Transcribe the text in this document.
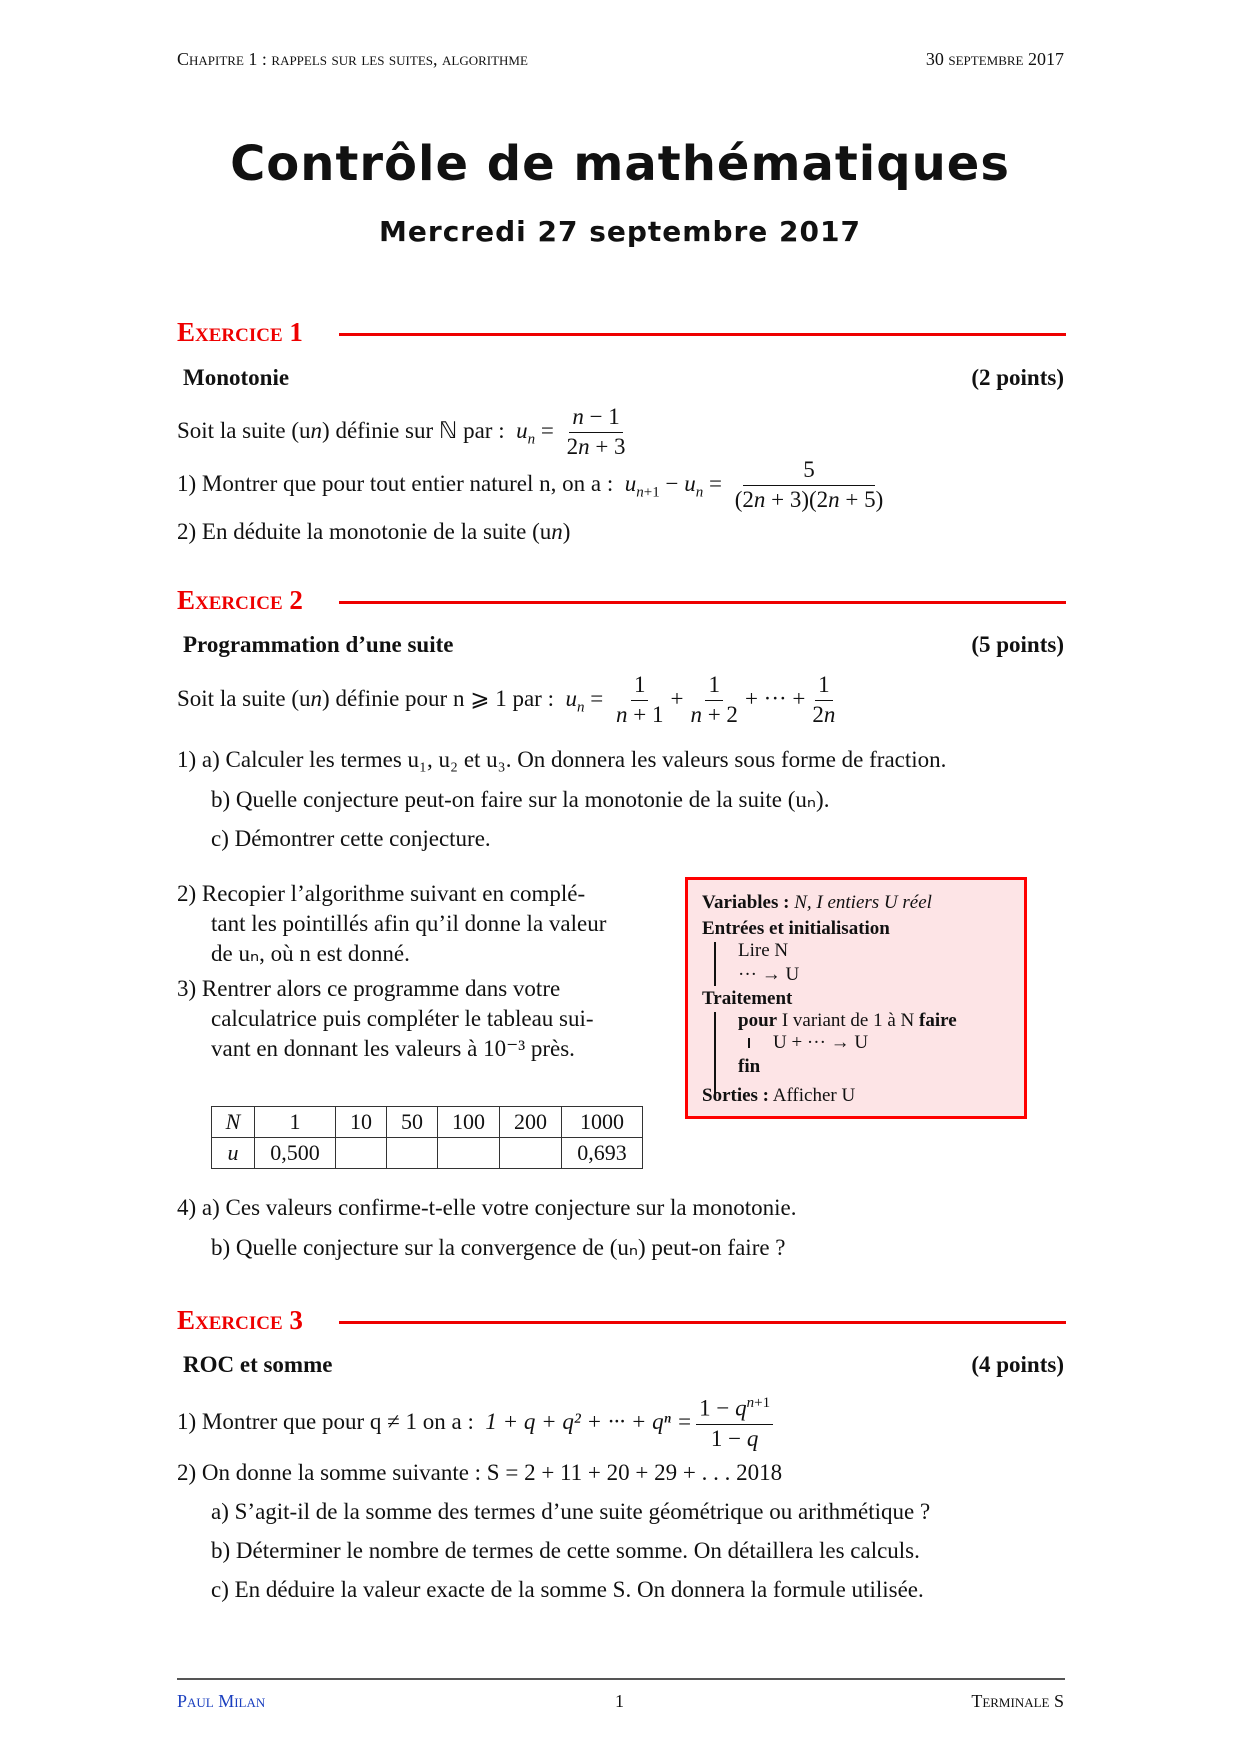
Chapitre 1 : rappels sur les suites, algorithme	30 septembre 2017
Contrôle de mathématiques
Mercredi 27 septembre 2017
Exercice 1
Monotonie	(2 points)
Soit la suite (un) définie sur ℕ par : $u_n = \frac{n - 1}{2n + 3}$
1) Montrer que pour tout entier naturel n, on a : $u_{n+1} - u_n = \frac{5}{(2n + 3)(2n + 5)}$
2) En déduite la monotonie de la suite (un)
Exercice 2
Programmation d’une suite	(5 points)
Soit la suite (un) définie pour n ⩾ 1 par : $u_n = \frac{1}{n + 1} + \frac{1}{n + 2}$ + ··· + $\frac{1}{2n}$
1) a) Calculer les termes u₁, u₂ et u₃. On donnera les valeurs sous forme de fraction.
b) Quelle conjecture peut-on faire sur la monotonie de la suite (uₙ).
c) Démontrer cette conjecture.
2) Recopier l’algorithme suivant en complé-
tant les pointillés afin qu’il donne la valeur
de uₙ, où n est donné.
3) Rentrer alors ce programme dans votre
calculatrice puis compléter le tableau sui-
vant en donnant les valeurs à 10⁻³ près.
N	1	10	50	100	200	1000
u	0,500					0,693
Variables : N, I entiers U réel
Entrées et initialisation
Lire N
··· → U
Traitement
pour I variant de 1 à N faire
U + ··· → U
fin
Sorties : Afficher U
4) a) Ces valeurs confirme-t-elle votre conjecture sur la monotonie.
b) Quelle conjecture sur la convergence de (uₙ) peut-on faire ?
Exercice 3
ROC et somme	(4 points)
1) Montrer que pour q ≠ 1 on a : 1 + q + q² + ··· + $q^n = \frac{1 - q^{n+1}}{1 - q}$
2) On donne la somme suivante : S = 2 + 11 + 20 + 29 + . . . 2018
a) S’agit-il de la somme des termes d’une suite géométrique ou arithmétique ?
b) Déterminer le nombre de termes de cette somme. On détaillera les calculs.
c) En déduire la valeur exacte de la somme S. On donnera la formule utilisée.
Paul Milan	1	Terminale S
